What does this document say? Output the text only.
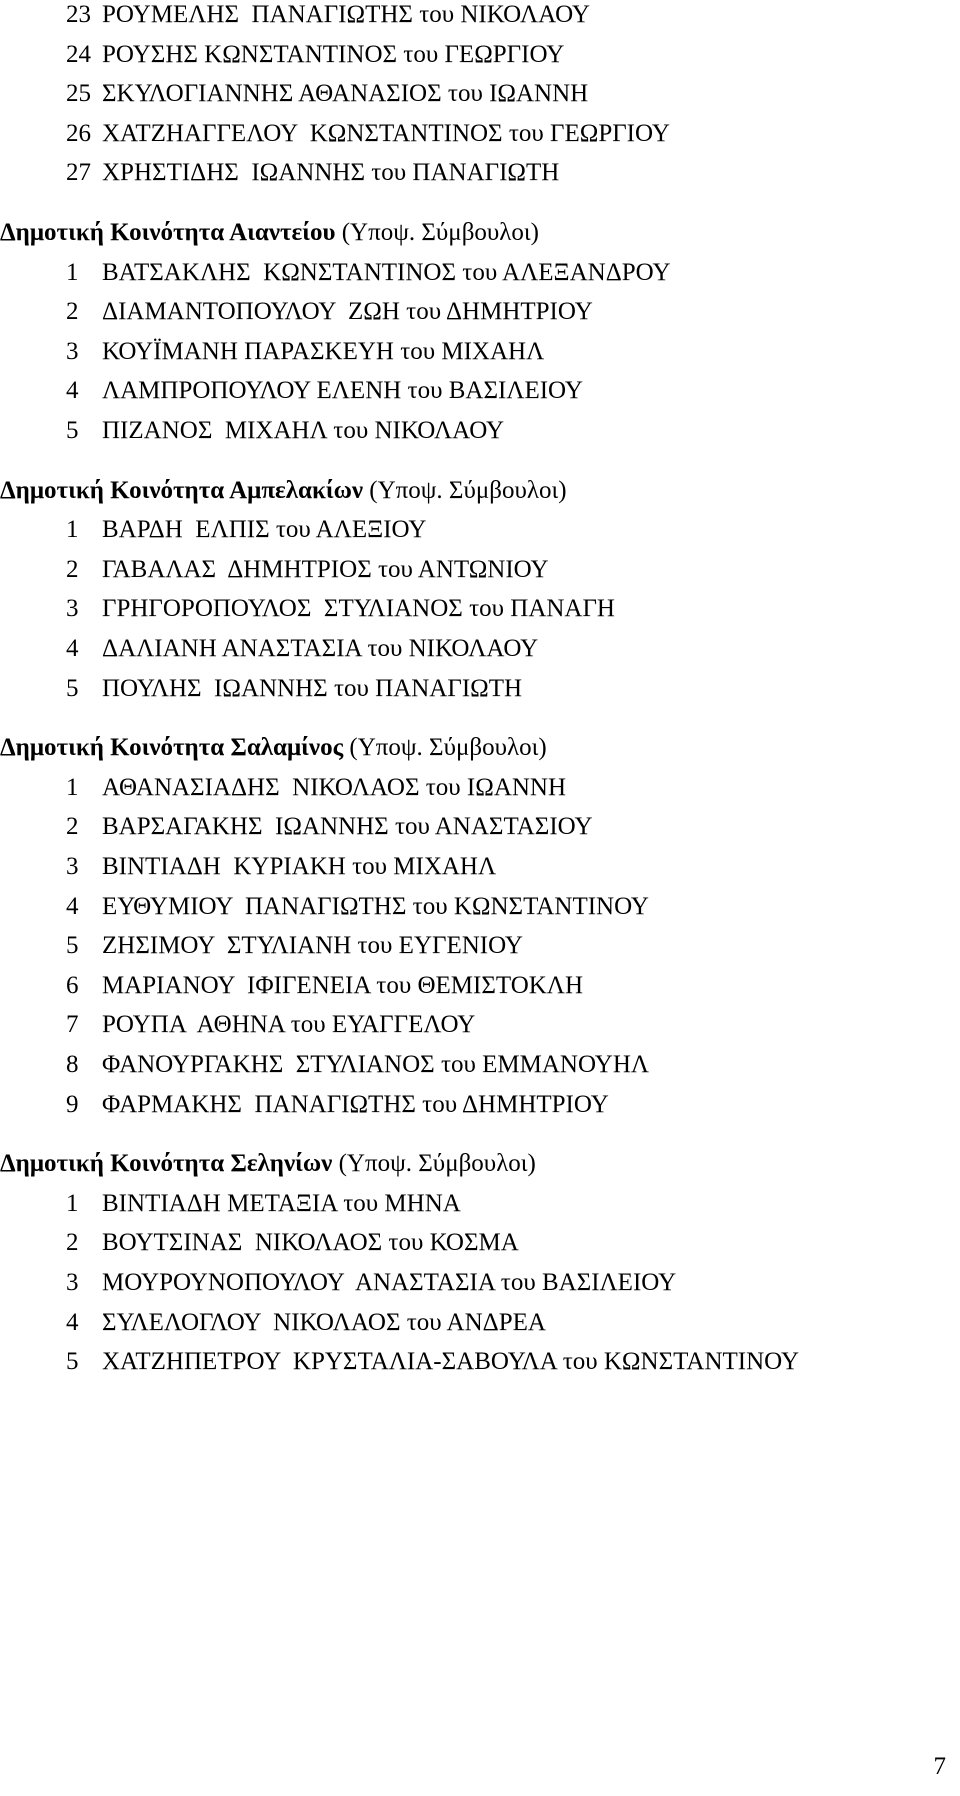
23 ΡΟΥΜΕΛΗΣ  ΠΑΝΑΓΙΩΤΗΣ του ΝΙΚΟΛΑΟΥ
24 ΡΟΥΣΗΣ ΚΩΝΣΤΑΝΤΙΝΟΣ του ΓΕΩΡΓΙΟΥ
25 ΣΚΥΛΟΓΙΑΝΝΗΣ ΑΘΑΝΑΣΙΟΣ του ΙΩΑΝΝΗ
26 ΧΑΤΖΗΑΓΓΕΛΟΥ  ΚΩΝΣΤΑΝΤΙΝΟΣ του ΓΕΩΡΓΙΟΥ
27 ΧΡΗΣΤΙΔΗΣ  ΙΩΑΝΝΗΣ του ΠΑΝΑΓΙΩΤΗ
Δημοτική Κοινότητα Αιαντείου (Υποψ. Σύμβουλοι)
1 ΒΑΤΣΑΚΛΗΣ  ΚΩΝΣΤΑΝΤΙΝΟΣ του ΑΛΕΞΑΝΔΡΟΥ
2 ΔΙΑΜΑΝΤΟΠΟΥΛΟΥ  ΖΩΗ του ΔΗΜΗΤΡΙΟΥ
3 ΚΟΥΪΜΑΝΗ ΠΑΡΑΣΚΕΥΗ του ΜΙΧΑΗΛ
4 ΛΑΜΠΡΟΠΟΥΛΟΥ ΕΛΕΝΗ του ΒΑΣΙΛΕΙΟΥ
5 ΠΙΖΑΝΟΣ  ΜΙΧΑΗΛ του ΝΙΚΟΛΑΟΥ
Δημοτική Κοινότητα Αμπελακίων (Υποψ. Σύμβουλοι)
1 ΒΑΡΔΗ  ΕΛΠΙΣ του ΑΛΕΞΙΟΥ
2 ΓΑΒΑΛΑΣ  ΔΗΜΗΤΡΙΟΣ του ΑΝΤΩΝΙΟΥ
3 ΓΡΗΓΟΡΟΠΟΥΛΟΣ  ΣΤΥΛΙΑΝΟΣ του ΠΑΝΑΓΗ
4 ΔΑΛΙΑΝΗ ΑΝΑΣΤΑΣΙΑ του ΝΙΚΟΛΑΟΥ
5 ΠΟΥΛΗΣ  ΙΩΑΝΝΗΣ του ΠΑΝΑΓΙΩΤΗ
Δημοτική Κοινότητα Σαλαμίνος (Υποψ. Σύμβουλοι)
1 ΑΘΑΝΑΣΙΑΔΗΣ  ΝΙΚΟΛΑΟΣ του ΙΩΑΝΝΗ
2 ΒΑΡΣΑΓΑΚΗΣ  ΙΩΑΝΝΗΣ του ΑΝΑΣΤΑΣΙΟΥ
3 ΒΙΝΤΙΑΔΗ  ΚΥΡΙΑΚΗ του ΜΙΧΑΗΛ
4 ΕΥΘΥΜΙΟΥ  ΠΑΝΑΓΙΩΤΗΣ του ΚΩΝΣΤΑΝΤΙΝΟΥ
5 ΖΗΣΙΜΟΥ  ΣΤΥΛΙΑΝΗ του ΕΥΓΕΝΙΟΥ
6 ΜΑΡΙΑΝΟΥ  ΙΦΙΓΕΝΕΙΑ του ΘΕΜΙΣΤΟΚΛΗ
7 ΡΟΥΠΑ  ΑΘΗΝΑ του ΕΥΑΓΓΕΛΟΥ
8 ΦΑΝΟΥΡΓΑΚΗΣ  ΣΤΥΛΙΑΝΟΣ του ΕΜΜΑΝΟΥΗΛ
9 ΦΑΡΜΑΚΗΣ  ΠΑΝΑΓΙΩΤΗΣ του ΔΗΜΗΤΡΙΟΥ
Δημοτική Κοινότητα Σεληνίων (Υποψ. Σύμβουλοι)
1 ΒΙΝΤΙΑΔΗ ΜΕΤΑΞΙΑ του ΜΗΝΑ
2 ΒΟΥΤΣΙΝΑΣ  ΝΙΚΟΛΑΟΣ του ΚΟΣΜΑ
3 ΜΟΥΡΟΥΝΟΠΟΥΛΟΥ  ΑΝΑΣΤΑΣΙΑ του ΒΑΣΙΛΕΙΟΥ
4 ΣΥΛΕΛΟΓΛΟΥ  ΝΙΚΟΛΑΟΣ του ΑΝΔΡΕΑ
5 ΧΑΤΖΗΠΕΤΡΟΥ  ΚΡΥΣΤΑΛΙΑ-ΣΑΒΟΥΛΑ του ΚΩΝΣΤΑΝΤΙΝΟΥ
7
